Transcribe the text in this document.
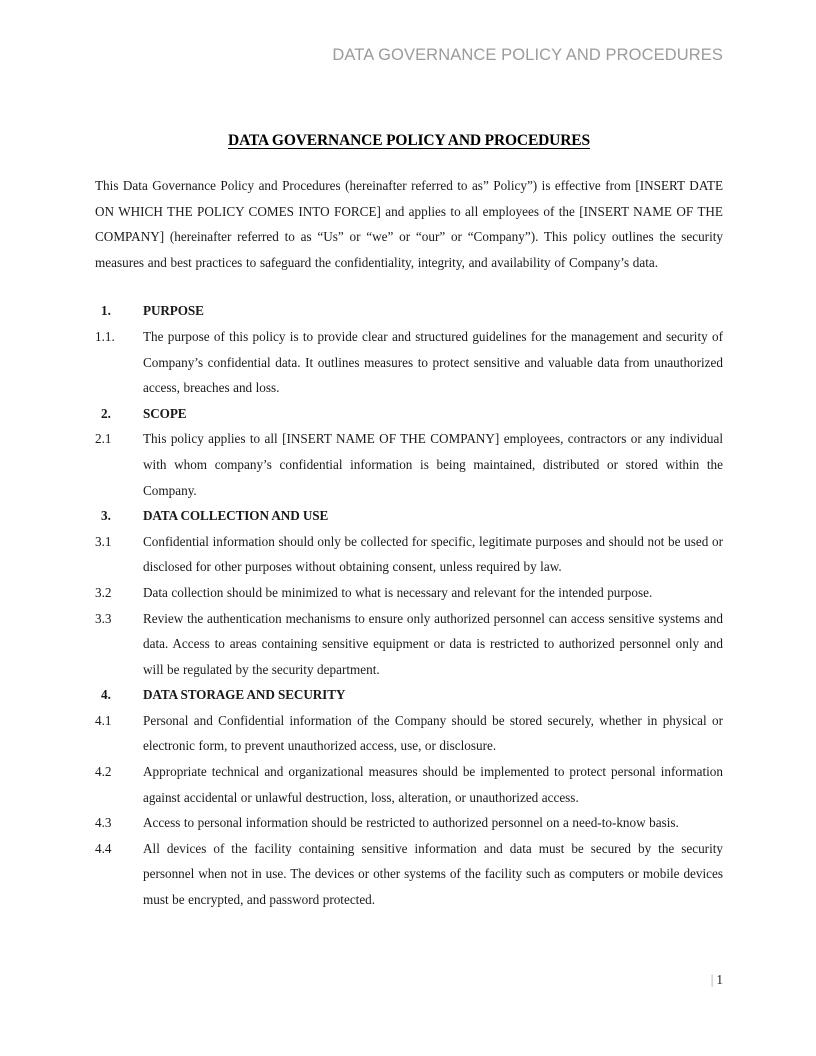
DATA GOVERNANCE POLICY AND PROCEDURES
DATA GOVERNANCE POLICY AND PROCEDURES

This Data Governance Policy and Procedures (hereinafter referred to as” Policy”) is effective from [INSERT DATE ON WHICH THE POLICY COMES INTO FORCE] and applies to all employees of the [INSERT NAME OF THE COMPANY] (hereinafter referred to as “Us” or “we” or “our” or “Company”). This policy outlines the security measures and best practices to safeguard the confidentiality, integrity, and availability of Company’s data.

1.	PURPOSE
1.1.	The purpose of this policy is to provide clear and structured guidelines for the management and security of Company’s confidential data. It outlines measures to protect sensitive and valuable data from unauthorized access, breaches and loss.
2.	SCOPE
2.1	This policy applies to all [INSERT NAME OF THE COMPANY] employees, contractors or any individual with whom company’s confidential information is being maintained, distributed or stored within the Company.
3.	DATA COLLECTION AND USE
3.1	Confidential information should only be collected for specific, legitimate purposes and should not be used or disclosed for other purposes without obtaining consent, unless required by law.
3.2	Data collection should be minimized to what is necessary and relevant for the intended purpose.
3.3	Review the authentication mechanisms to ensure only authorized personnel can access sensitive systems and data. Access to areas containing sensitive equipment or data is restricted to authorized personnel only and will be regulated by the security department.
4.	DATA STORAGE AND SECURITY
4.1	Personal and Confidential information of the Company should be stored securely, whether in physical or electronic form, to prevent unauthorized access, use, or disclosure.
4.2	Appropriate technical and organizational measures should be implemented to protect personal information against accidental or unlawful destruction, loss, alteration, or unauthorized access.
4.3	Access to personal information should be restricted to authorized personnel on a need-to-know basis.
4.4	All devices of the facility containing sensitive information and data must be secured by the security personnel when not in use. The devices or other systems of the facility such as computers or mobile devices must be encrypted, and password protected.
| 1
